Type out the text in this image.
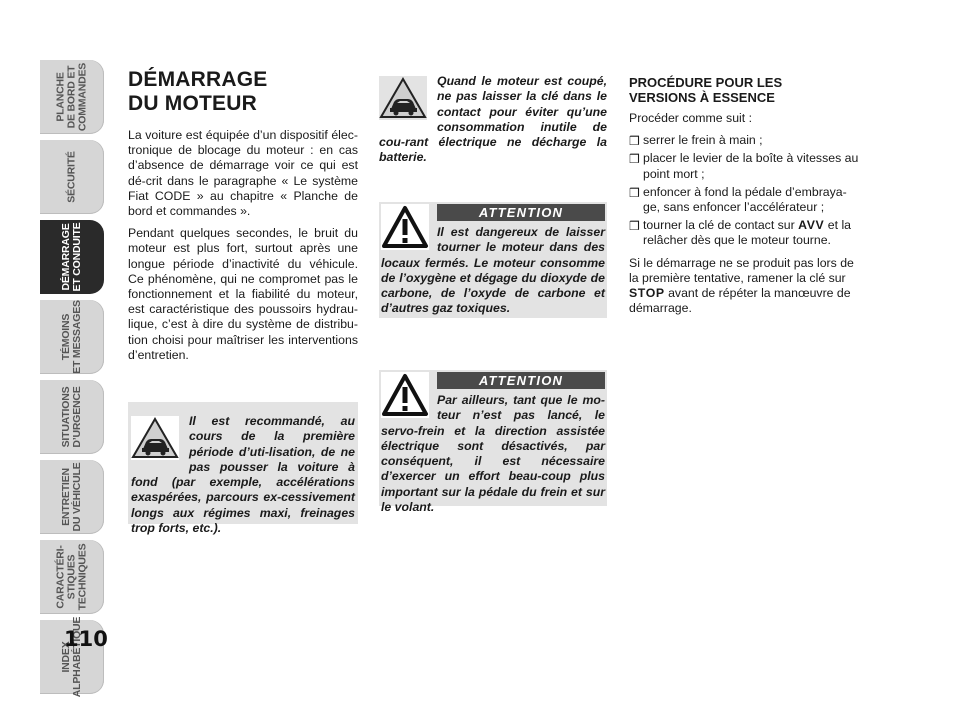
PLANCHE
DE BORD ET
COMMANDES
SÉCURITÉ
DÉMARRAGE
ET CONDUITE
TÉMOINS
ET MESSAGES
SITUATIONS
D’URGENCE
ENTRETIEN
DU VÉHICULE
CARACTÉRI-
STIQUES
TECHNIQUES
INDEX
ALPHABÉTIQUE
110
DÉMARRAGE
DU MOTEUR

La voiture est équipée d’un dispositif élec-tronique de blocage du moteur : en cas d’absence de démarrage voir ce qui est dé-crit dans le paragraphe « Le système Fiat CODE » au chapitre « Planche de bord et commandes ».

Pendant quelques secondes, le bruit du moteur est plus fort, surtout après une longue période d’inactivité du véhicule. Ce phénomène, qui ne compromet pas le fonctionnement et la fiabilité du moteur, est caractéristique des poussoirs hydrau-lique, c’est à dire du système de distribu-tion choisi pour maîtriser les interventions d’entretien.

Il est recommandé, au cours de la première période d’uti-lisation, de ne pas pousser la voiture à fond (par exemple, accélérations exaspérées, parcours ex-cessivement longs aux régimes maxi, freinages trop forts, etc.).
Quand le moteur est coupé, ne pas laisser la clé dans le contact pour éviter qu’une consommation inutile de cou-rant électrique ne décharge la batterie.
ATTENTION
Il est dangereux de laisser tourner le moteur dans des locaux fermés. Le moteur consomme de l’oxygène et dégage du dioxyde de carbone, de l’oxyde de carbone et d’autres gaz toxiques.
ATTENTION
Par ailleurs, tant que le mo-teur n’est pas lancé, le servo-frein et la direction assistée électrique sont désactivés, par conséquent, il est nécessaire d’exercer un effort beau-coup plus important sur la pédale du frein et sur le volant.
PROCÉDURE POUR LES
VERSIONS À ESSENCE

Procéder comme suit :

❒ serrer le frein à main ;
❒ placer le levier de la boîte à vitesses au point mort ;
❒ enfoncer à fond la pédale d’embraya-ge, sans enfoncer l’accélérateur ;
❒ tourner la clé de contact sur AVV et la relâcher dès que le moteur tourne.

Si le démarrage ne se produit pas lors de la première tentative, ramener la clé sur STOP avant de répéter la manœuvre de démarrage.
